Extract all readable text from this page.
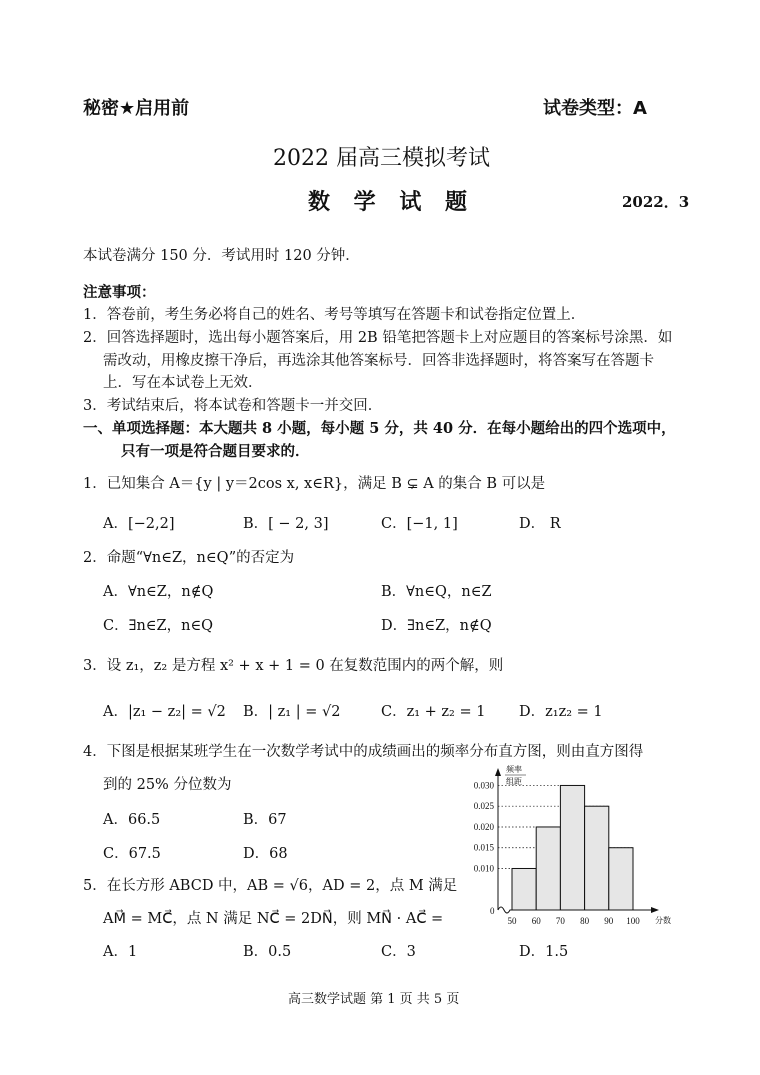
秘密★启用前	试卷类型：A
2022 届高三模拟考试
数 学 试 题	2022．3
本试卷满分 150 分．考试用时 120 分钟．
注意事项：
1．答卷前，考生务必将自己的姓名、考号等填写在答题卡和试卷指定位置上．
2．回答选择题时，选出每小题答案后，用 2B 铅笔把答题卡上对应题目的答案标号涂黑．如
需改动，用橡皮擦干净后，再选涂其他答案标号．回答非选择题时，将答案写在答题卡
上．写在本试卷上无效．
3．考试结束后，将本试卷和答题卡一并交回．
一、单项选择题：本大题共 8 小题，每小题 5 分，共 40 分．在每小题给出的四个选项中，
只有一项是符合题目要求的．
1．已知集合 A＝{y | y＝2cos x, x∈R}，满足 B ⊊ A 的集合 B 可以是
A．[−2,2]	B．[ − 2, 3]	C．[−1, 1]	D． R
2．命题“∀n∈Z，n∈Q”的否定为
A．∀n∈Z，n∉Q	B．∀n∈Q，n∈Z
C．∃n∈Z，n∈Q	D．∃n∈Z，n∉Q
3．设 z₁，z₂ 是方程 x² + x + 1 = 0 在复数范围内的两个解，则
A．|z₁ − z₂| = √2 B．| z₁ | = √2	C．z₁ + z₂ = 1 D．z₁z₂ = 1
4．下图是根据某班学生在一次数学考试中的成绩画出的频率分布直方图，则由直方图得
到的 25% 分位数为
A．66.5	B．67
C．67.5	D．68
5．在长方形 ABCD 中，AB = √6，AD = 2，点 M 满足
AM⃗ = MC⃗，点 N 满足 NC⃗ = 2DN⃗，则 MN⃗ · AC⃗ =
A．1	B．0.5	C．3	D．1.5
频率
组距
分数
0
0.030
0.025
0.020
0.015
0.010
50 60 70 80 90 100
高三数学试题 第 1 页 共 5 页
